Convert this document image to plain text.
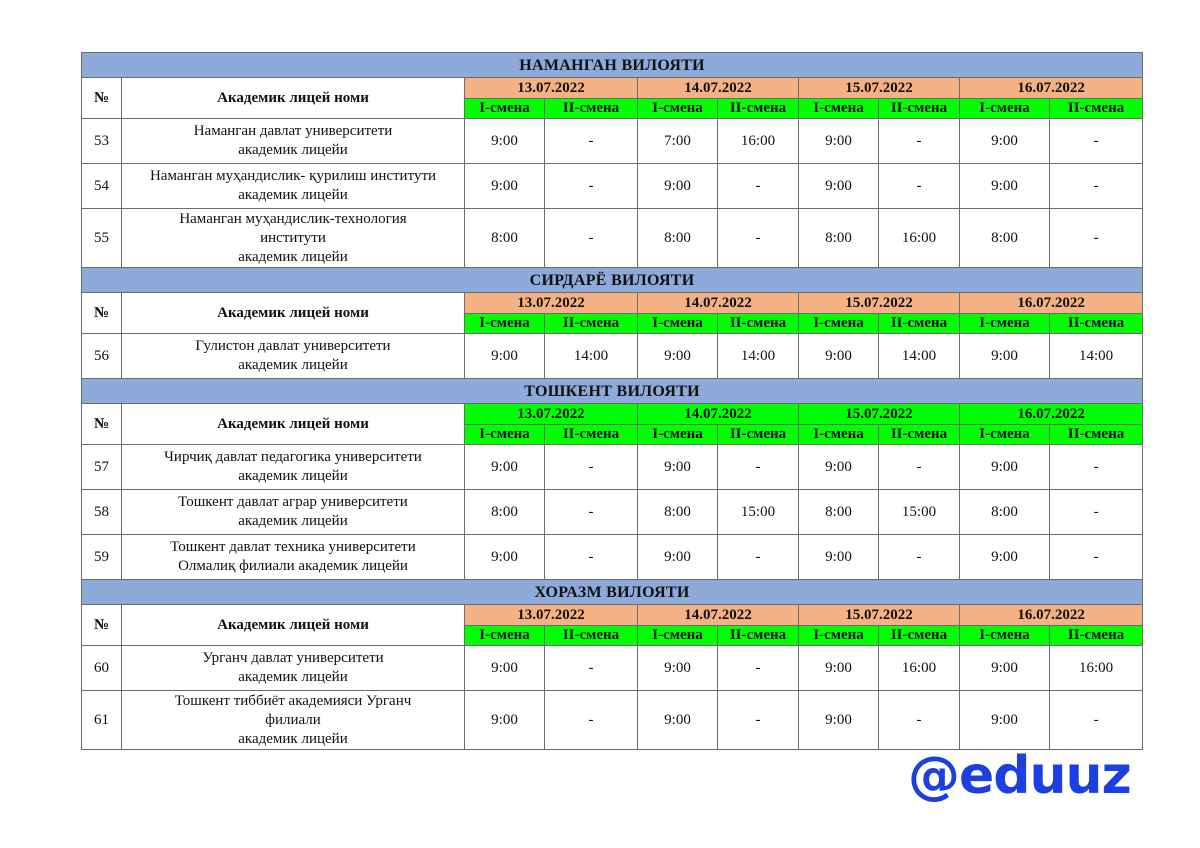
НАМАНГАН ВИЛОЯТИ									
№	Академик лицей номи	13.07.2022		14.07.2022		15.07.2022		16.07.2022	
		I-смена	II-смена	I-смена	II-смена	I-смена	II-смена	I-смена	II-смена
53	Наманган давлат университети
академик лицейи	9:00	-	7:00	16:00	9:00	-	9:00	-
54	Наманган муҳандислик- қурилиш институти
академик лицейи	9:00	-	9:00	-	9:00	-	9:00	-
55	Наманган муҳандислик-технология
институти
академик лицейи	8:00	-	8:00	-	8:00	16:00	8:00	-
СИРДАРЁ ВИЛОЯТИ									
№	Академик лицей номи	13.07.2022		14.07.2022		15.07.2022		16.07.2022	
		I-смена	II-смена	I-смена	II-смена	I-смена	II-смена	I-смена	II-смена
56	Гулистон давлат университети
академик лицейи	9:00	14:00	9:00	14:00	9:00	14:00	9:00	14:00
ТОШКЕНТ ВИЛОЯТИ									
№	Академик лицей номи	13.07.2022		14.07.2022		15.07.2022		16.07.2022	
		I-смена	II-смена	I-смена	II-смена	I-смена	II-смена	I-смена	II-смена
57	Чирчиқ давлат педагогика университети
академик лицейи	9:00	-	9:00	-	9:00	-	9:00	-
58	Тошкент давлат аграр университети
академик лицейи	8:00	-	8:00	15:00	8:00	15:00	8:00	-
59	Тошкент давлат техника университети
Олмалиқ филиали академик лицейи	9:00	-	9:00	-	9:00	-	9:00	-
ХОРАЗМ ВИЛОЯТИ									
№	Академик лицей номи	13.07.2022		14.07.2022		15.07.2022		16.07.2022	
		I-смена	II-смена	I-смена	II-смена	I-смена	II-смена	I-смена	II-смена
60	Урганч давлат университети
академик лицейи	9:00	-	9:00	-	9:00	16:00	9:00	16:00
61	Тошкент тиббиёт академияси Урганч
филиали
академик лицейи	9:00	-	9:00	-	9:00	-	9:00	-
@eduuz
